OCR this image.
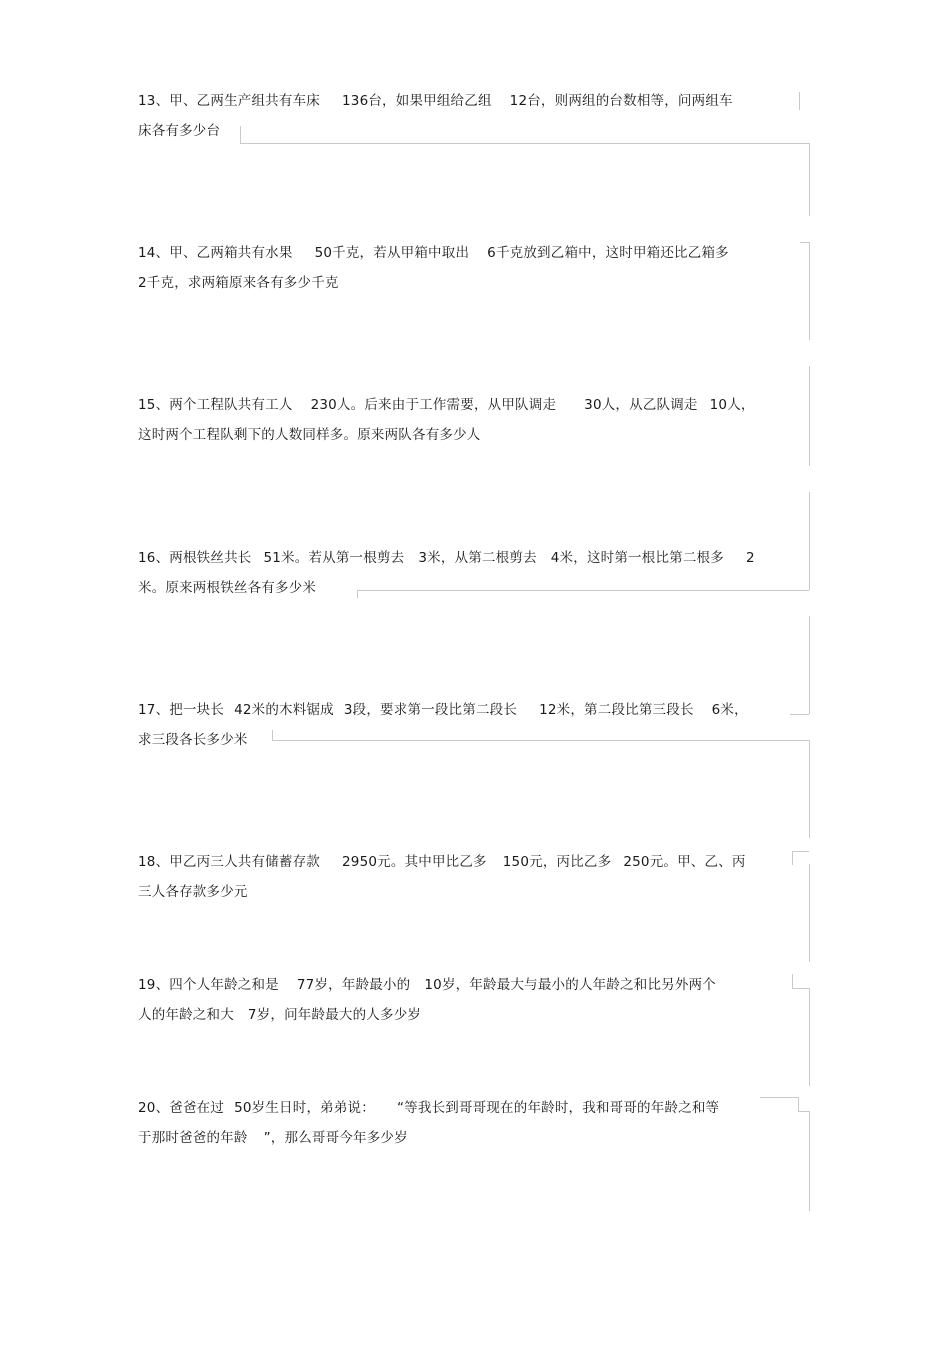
13、甲、乙两生产组共有车床 136台，如果甲组给乙组 12台，则两组的台数相等，问两组车
床各有多少台
14、甲、乙两箱共有水果 50千克，若从甲箱中取出 6千克放到乙箱中，这时甲箱还比乙箱多
2千克，求两箱原来各有多少千克
15、两个工程队共有工人 230人。后来由于工作需要，从甲队调走 30人，从乙队调走 10人，
这时两个工程队剩下的人数同样多。原来两队各有多少人
16、两根铁丝共长 51米。若从第一根剪去 3米，从第二根剪去 4米，这时第一根比第二根多 2
米。原来两根铁丝各有多少米
17、把一块长 42米的木料锯成 3段，要求第一段比第二段长 12米，第二段比第三段长 6米，
求三段各长多少米
18、甲乙丙三人共有储蓄存款 2950元。其中甲比乙多 150元，丙比乙多 250元。甲、乙、丙
三人各存款多少元
19、四个人年龄之和是 77岁，年龄最小的 10岁，年龄最大与最小的人年龄之和比另外两个
人的年龄之和大 7岁，问年龄最大的人多少岁
20、爸爸在过 50岁生日时，弟弟说： “等我长到哥哥现在的年龄时，我和哥哥的年龄之和等
于那时爸爸的年龄 ”，那么哥哥今年多少岁
